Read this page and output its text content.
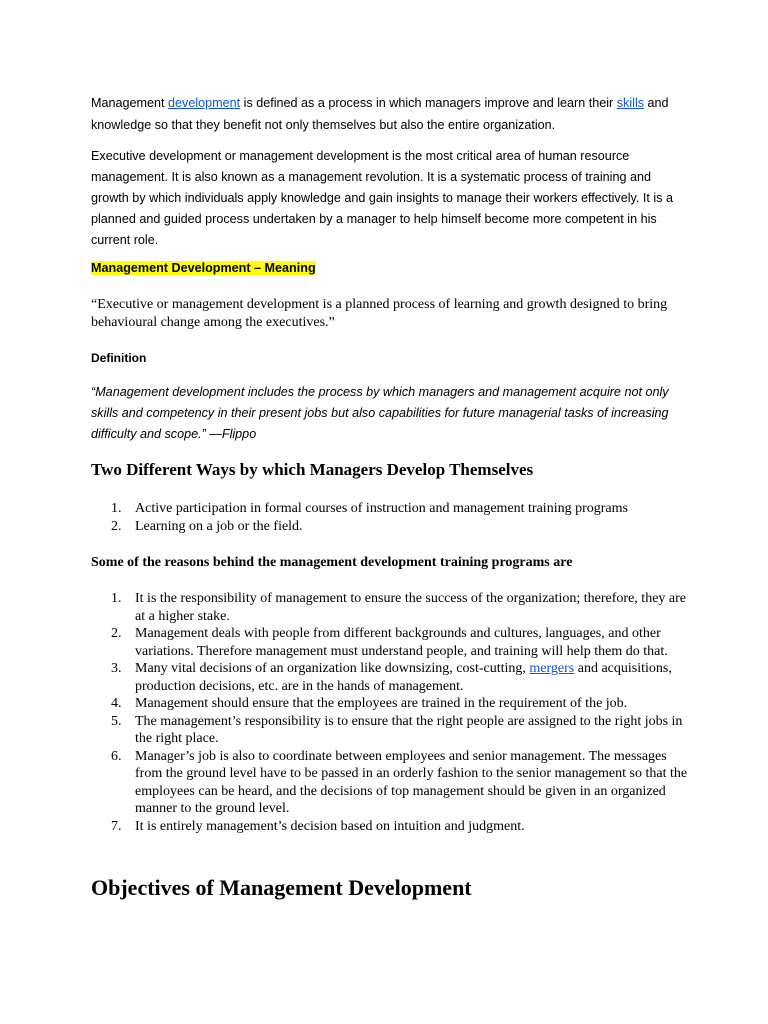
Management development is defined as a process in which managers improve and learn their skills and knowledge so that they benefit not only themselves but also the entire organization.

Executive development or management development is the most critical area of human resource management. It is also known as a management revolution. It is a systematic process of training and growth by which individuals apply knowledge and gain insights to manage their workers effectively. It is a planned and guided process undertaken by a manager to help himself become more competent in his current role.

Management Development – Meaning

“Executive or management development is a planned process of learning and growth designed to bring behavioural change among the executives.”

Definition

“Management development includes the process by which managers and management acquire not only skills and competency in their present jobs but also capabilities for future managerial tasks of increasing difficulty and scope.” —Flippo

Two Different Ways by which Managers Develop Themselves
1. Active participation in formal courses of instruction and management training programs
2. Learning on a job or the field.
Some of the reasons behind the management development training programs are
1. It is the responsibility of management to ensure the success of the organization; therefore, they are at a higher stake.
2. Management deals with people from different backgrounds and cultures, languages, and other variations. Therefore management must understand people, and training will help them do that.
3. Many vital decisions of an organization like downsizing, cost-cutting, mergers and acquisitions, production decisions, etc. are in the hands of management.
4. Management should ensure that the employees are trained in the requirement of the job.
5. The management’s responsibility is to ensure that the right people are assigned to the right jobs in the right place.
6. Manager’s job is also to coordinate between employees and senior management. The messages from the ground level have to be passed in an orderly fashion to the senior management so that the employees can be heard, and the decisions of top management should be given in an organized manner to the ground level.
7. It is entirely management’s decision based on intuition and judgment.
Objectives of Management Development
